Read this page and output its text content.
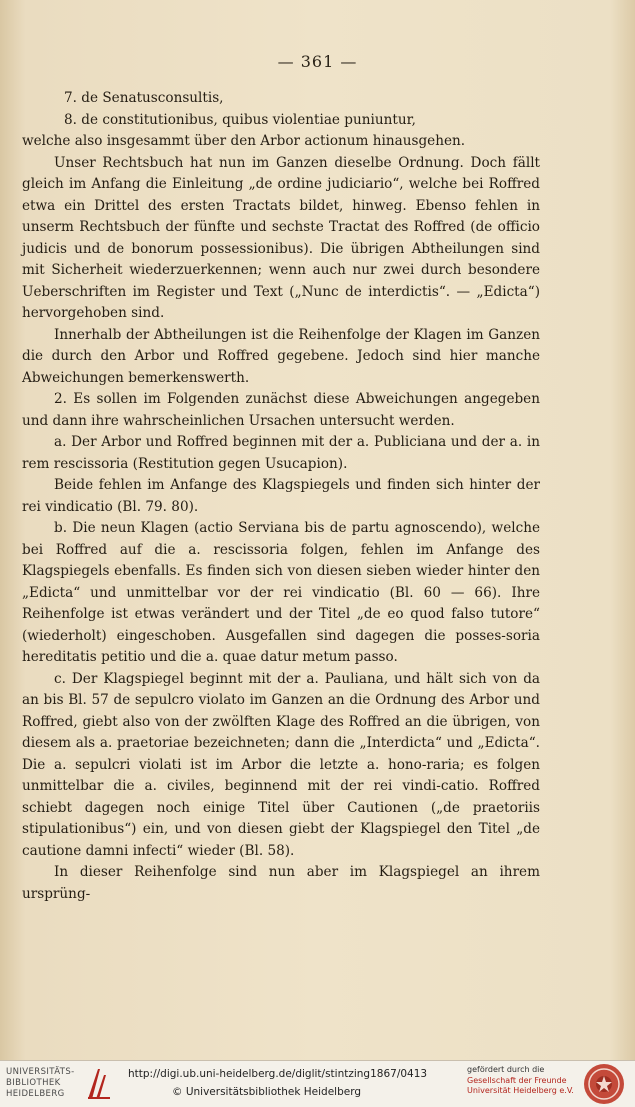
— 361 —

7. de Senatusconsultis,

8. de constitutionibus, quibus violentiae puniuntur,

welche also insgesammt über den Arbor actionum hinausgehen.

Unser Rechtsbuch hat nun im Ganzen dieselbe Ordnung. Doch fällt gleich im Anfang die Einleitung „de ordine judiciario“, welche bei Roffred etwa ein Drittel des ersten Tractats bildet, hinweg. Ebenso fehlen in unserm Rechtsbuch der fünfte und sechste Tractat des Roffred (de officio judicis und de bonorum possessionibus). Die übrigen Abtheilungen sind mit Sicherheit wiederzuerkennen; wenn auch nur zwei durch besondere Ueberschriften im Register und Text („Nunc de interdictis“. — „Edicta“) hervorgehoben sind.

Innerhalb der Abtheilungen ist die Reihenfolge der Klagen im Ganzen die durch den Arbor und Roffred gegebene. Jedoch sind hier manche Abweichungen bemerkenswerth.

2. Es sollen im Folgenden zunächst diese Abweichungen angegeben und dann ihre wahrscheinlichen Ursachen untersucht werden.

a. Der Arbor und Roffred beginnen mit der a. Publiciana und der a. in rem rescissoria (Restitution gegen Usucapion).

Beide fehlen im Anfange des Klagspiegels und finden sich hinter der rei vindicatio (Bl. 79. 80).

b. Die neun Klagen (actio Serviana bis de partu agnoscendo), welche bei Roffred auf die a. rescissoria folgen, fehlen im Anfange des Klagspiegels ebenfalls. Es finden sich von diesen sieben wieder hinter den „Edicta“ und unmittelbar vor der rei vindicatio (Bl. 60 — 66). Ihre Reihenfolge ist etwas verändert und der Titel „de eo quod falso tutore“ (wiederholt) eingeschoben. Ausgefallen sind dagegen die posses-soria hereditatis petitio und die a. quae datur metum passo.

c. Der Klagspiegel beginnt mit der a. Pauliana, und hält sich von da an bis Bl. 57 de sepulcro violato im Ganzen an die Ordnung des Arbor und Roffred, giebt also von der zwölften Klage des Roffred an die übrigen, von diesem als a. praetoriae bezeichneten; dann die „Interdicta“ und „Edicta“. Die a. sepulcri violati ist im Arbor die letzte a. hono-raria; es folgen unmittelbar die a. civiles, beginnend mit der rei vindi-catio. Roffred schiebt dagegen noch einige Titel über Cautionen („de praetoriis stipulationibus“) ein, und von diesen giebt der Klagspiegel den Titel „de cautione damni infecti“ wieder (Bl. 58).

In dieser Reihenfolge sind nun aber im Klagspiegel an ihrem ursprüng-

UNIVERSITÄTS-
BIBLIOTHEK
HEIDELBERG
http://digi.ub.uni-heidelberg.de/diglit/stintzing1867/0413
© Universitätsbibliothek Heidelberg
gefördert durch die
Gesellschaft der Freunde
Universität Heidelberg e.V.
